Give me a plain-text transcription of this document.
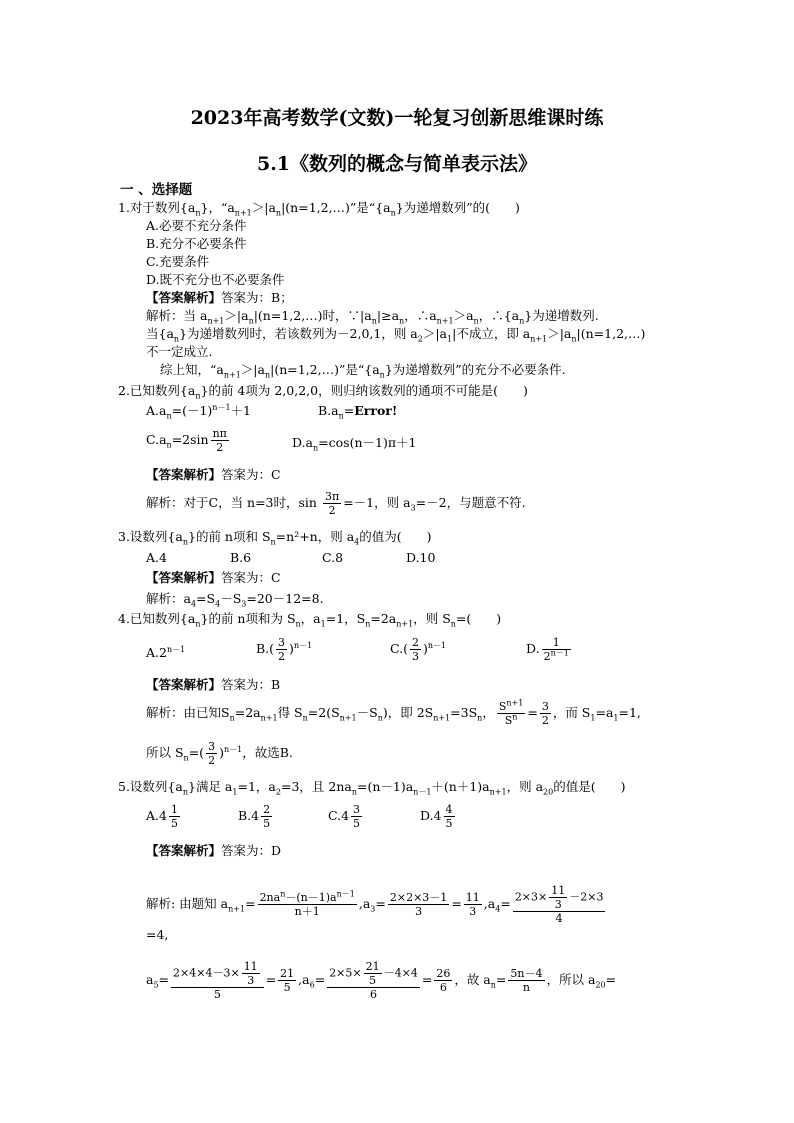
2023年高考数学(文数)一轮复习创新思维课时练
5.1《数列的概念与简单表示法》
一 、选择题
1.对于数列$\{a_n\}$，“$a_{n+1}>|a_n|(n=1,2,\dots)$”是“$\{a_n\}$为递增数列”的(　　)
A.必要不充分条件
B.充分不必要条件
C.充要条件
D.既不充分也不必要条件
【答案解析】答案为：B；
解析：当 $a_{n+1}>|a_n|(n=1,2,\dots)$时，$\because|a_n|\ge a_n$，$\therefore a_{n+1}>a_n$，$\therefore\{a_n\}$为递增数列.
当$\{a_n\}$为递增数列时，若该数列为－2,0,1，则 $a_2>|a_1|$不成立，即 $a_{n+1}>|a_n|(n=1,2,\dots)$
不一定成立.
综上知，“$a_{n+1}>|a_n|(n=1,2,\dots)$”是“$\{a_n\}$为递增数列”的充分不必要条件.
2.已知数列$\{a_n\}$的前 4项为 2,0,2,0，则归纳该数列的通项不可能是(　　)
$A.a_n=(-1)^{n-1}+1$	$B.a_n=Error$!
$C.a_n=2\sin \frac{n\pi}{2}$	$D.a_n=\cos(n-1)\pi+1$
【答案解析】答案为：C
解析：对于C，当 n=3时，$\sin \frac{3\pi}{2} =-1$，则 $a_3=-2$，与题意不符.
3.设数列$\{a_n\}$的前 n项和 $S_n=n^2+n$，则 $a_4$的值为(　　)
A.4	B.6	C.8	D.10
【答案解析】答案为：C
解析：$a_4=S_4-S_3=20-12=8$.
4.已知数列$\{a_n\}$的前 n项和为 $S_n$，$a_1=1$，$S_n=2a_{n+1}$，则 $S_n=$(　　)
$A.2^{n-1}$	$B.( \frac{3}{2} )^{n-1}$	$C.( \frac{2}{3} )^{n-1}$	D. $\frac{1}{2^{n-1}}$
【答案解析】答案为：B
解析：由已知$S_n=2a_{n+1}$得 $S_n=2(S_{n+1}-S_n)$，即 $2S_{n+1}=3S_n$， $\frac{S^{n+1}}{S^n} = \frac{3}{2}$ ，而 $S_1=a_1=1$,
所以 $S_n=( \frac{3}{2} )^{n-1}$，故选B.
5.设数列$\{a_n\}$满足 $a_1=1$，$a_2=3$，且 $2na_n=(n-1)a_{n-1}+(n+1)a_{n+1}$，则 $a_{20}$的值是(　　)
$A.4 \frac{1}{5}$	$B.4 \frac{2}{5}$	$C.4 \frac{3}{5}$	$D.4 \frac{4}{5}$
【答案解析】答案为：D
解析: 由题知 $a_{n+1}= \frac{2na^n-(n-1)a^{n-1}}{n+1} ,a_3= \frac{2\times 2\times 3-1}{3} = \frac{11}{3} ,a_4= \frac{2\times 3\times \frac{11}{3} -2\times 3}{4}$
=4,
$a_5= \frac{2\times 4\times 4-3\times \frac{11}{3}}{5} = \frac{21}{5} ,a_6= \frac{2\times 5\times \frac{21}{5} -4\times 4}{6} = \frac{26}{6}$ ，故 $a_n= \frac{5n-4}{n}$ ，所以 $a_{20}=$
